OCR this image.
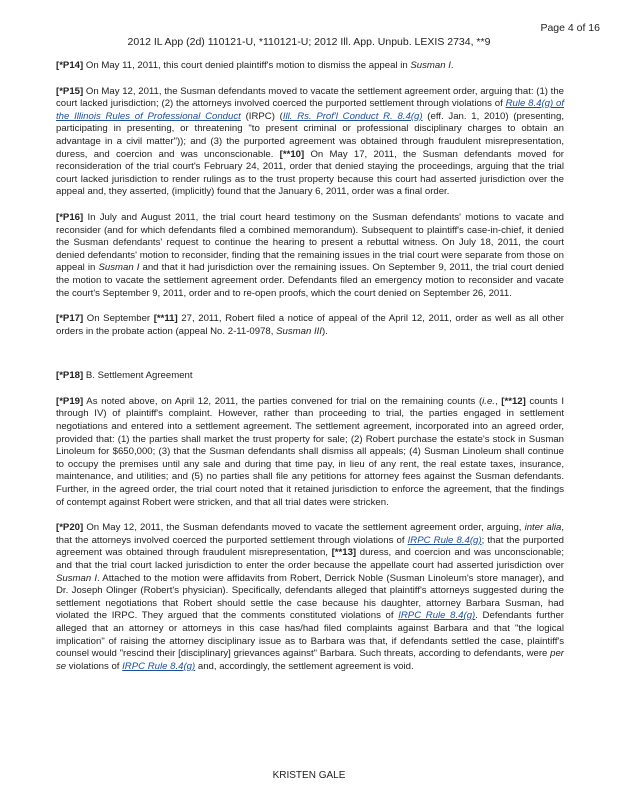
Page 4 of 16
2012 IL App (2d) 110121-U, *110121-U; 2012 Ill. App. Unpub. LEXIS 2734, **9

[*P14] On May 11, 2011, this court denied plaintiff's motion to dismiss the appeal in Susman I.

[*P15] On May 12, 2011, the Susman defendants moved to vacate the settlement agreement order, arguing that: (1) the court lacked jurisdiction; (2) the attorneys involved coerced the purported settlement through violations of Rule 8.4(g) of the Illinois Rules of Professional Conduct (IRPC) (Ill. Rs. Prof'l Conduct R. 8.4(g) (eff. Jan. 1, 2010) (presenting, participating in presenting, or threatening "to present criminal or professional disciplinary charges to obtain an advantage in a civil matter")); and (3) the purported agreement was obtained through fraudulent misrepresentation, duress, and coercion and was unconscionable. [**10] On May 17, 2011, the Susman defendants moved for reconsideration of the trial court's February 24, 2011, order that denied staying the proceedings, arguing that the trial court lacked jurisdiction to render rulings as to the trust property because this court had asserted jurisdiction over the appeal and, they asserted, (implicitly) found that the January 6, 2011, order was a final order.

[*P16] In July and August 2011, the trial court heard testimony on the Susman defendants' motions to vacate and reconsider (and for which defendants filed a combined memorandum). Subsequent to plaintiff's case-in-chief, it denied the Susman defendants' request to continue the hearing to present a rebuttal witness. On July 18, 2011, the court denied defendants' motion to reconsider, finding that the remaining issues in the trial court were separate from those on appeal in Susman I and that it had jurisdiction over the remaining issues. On September 9, 2011, the trial court denied the motion to vacate the settlement agreement order. Defendants filed an emergency motion to reconsider and vacate the court's September 9, 2011, order and to re-open proofs, which the court denied on September 26, 2011.

[*P17] On September [**11] 27, 2011, Robert filed a notice of appeal of the April 12, 2011, order as well as all other orders in the probate action (appeal No. 2-11-0978, Susman III).

[*P18] B. Settlement Agreement

[*P19] As noted above, on April 12, 2011, the parties convened for trial on the remaining counts (i.e., [**12] counts I through IV) of plaintiff's complaint. However, rather than proceeding to trial, the parties engaged in settlement negotiations and entered into a settlement agreement. The settlement agreement, incorporated into an agreed order, provided that: (1) the parties shall market the trust property for sale; (2) Robert purchase the estate's stock in Susman Linoleum for $650,000; (3) that the Susman defendants shall dismiss all appeals; (4) Susman Linoleum shall continue to occupy the premises until any sale and during that time pay, in lieu of any rent, the real estate taxes, insurance, maintenance, and utilities; and (5) no parties shall file any petitions for attorney fees against the Susman defendants. Further, in the agreed order, the trial court noted that it retained jurisdiction to enforce the agreement, that the findings of contempt against Robert were stricken, and that all trial dates were stricken.

[*P20] On May 12, 2011, the Susman defendants moved to vacate the settlement agreement order, arguing, inter alia, that the attorneys involved coerced the purported settlement through violations of IRPC Rule 8.4(g); that the purported agreement was obtained through fraudulent misrepresentation, [**13] duress, and coercion and was unconscionable; and that the trial court lacked jurisdiction to enter the order because the appellate court had asserted jurisdiction over Susman I. Attached to the motion were affidavits from Robert, Derrick Noble (Susman Linoleum's store manager), and Dr. Joseph Olinger (Robert's physician). Specifically, defendants alleged that plaintiff's attorneys suggested during the settlement negotiations that Robert should settle the case because his daughter, attorney Barbara Susman, had violated the IRPC. They argued that the comments constituted violations of IRPC Rule 8.4(g). Defendants further alleged that an attorney or attorneys in this case has/had filed complaints against Barbara and that "the logical implication" of raising the attorney disciplinary issue as to Barbara was that, if defendants settled the case, plaintiff's counsel would "rescind their [disciplinary] grievances against" Barbara. Such threats, according to defendants, were per se violations of IRPC Rule 8.4(g) and, accordingly, the settlement agreement is void.

KRISTEN GALE
